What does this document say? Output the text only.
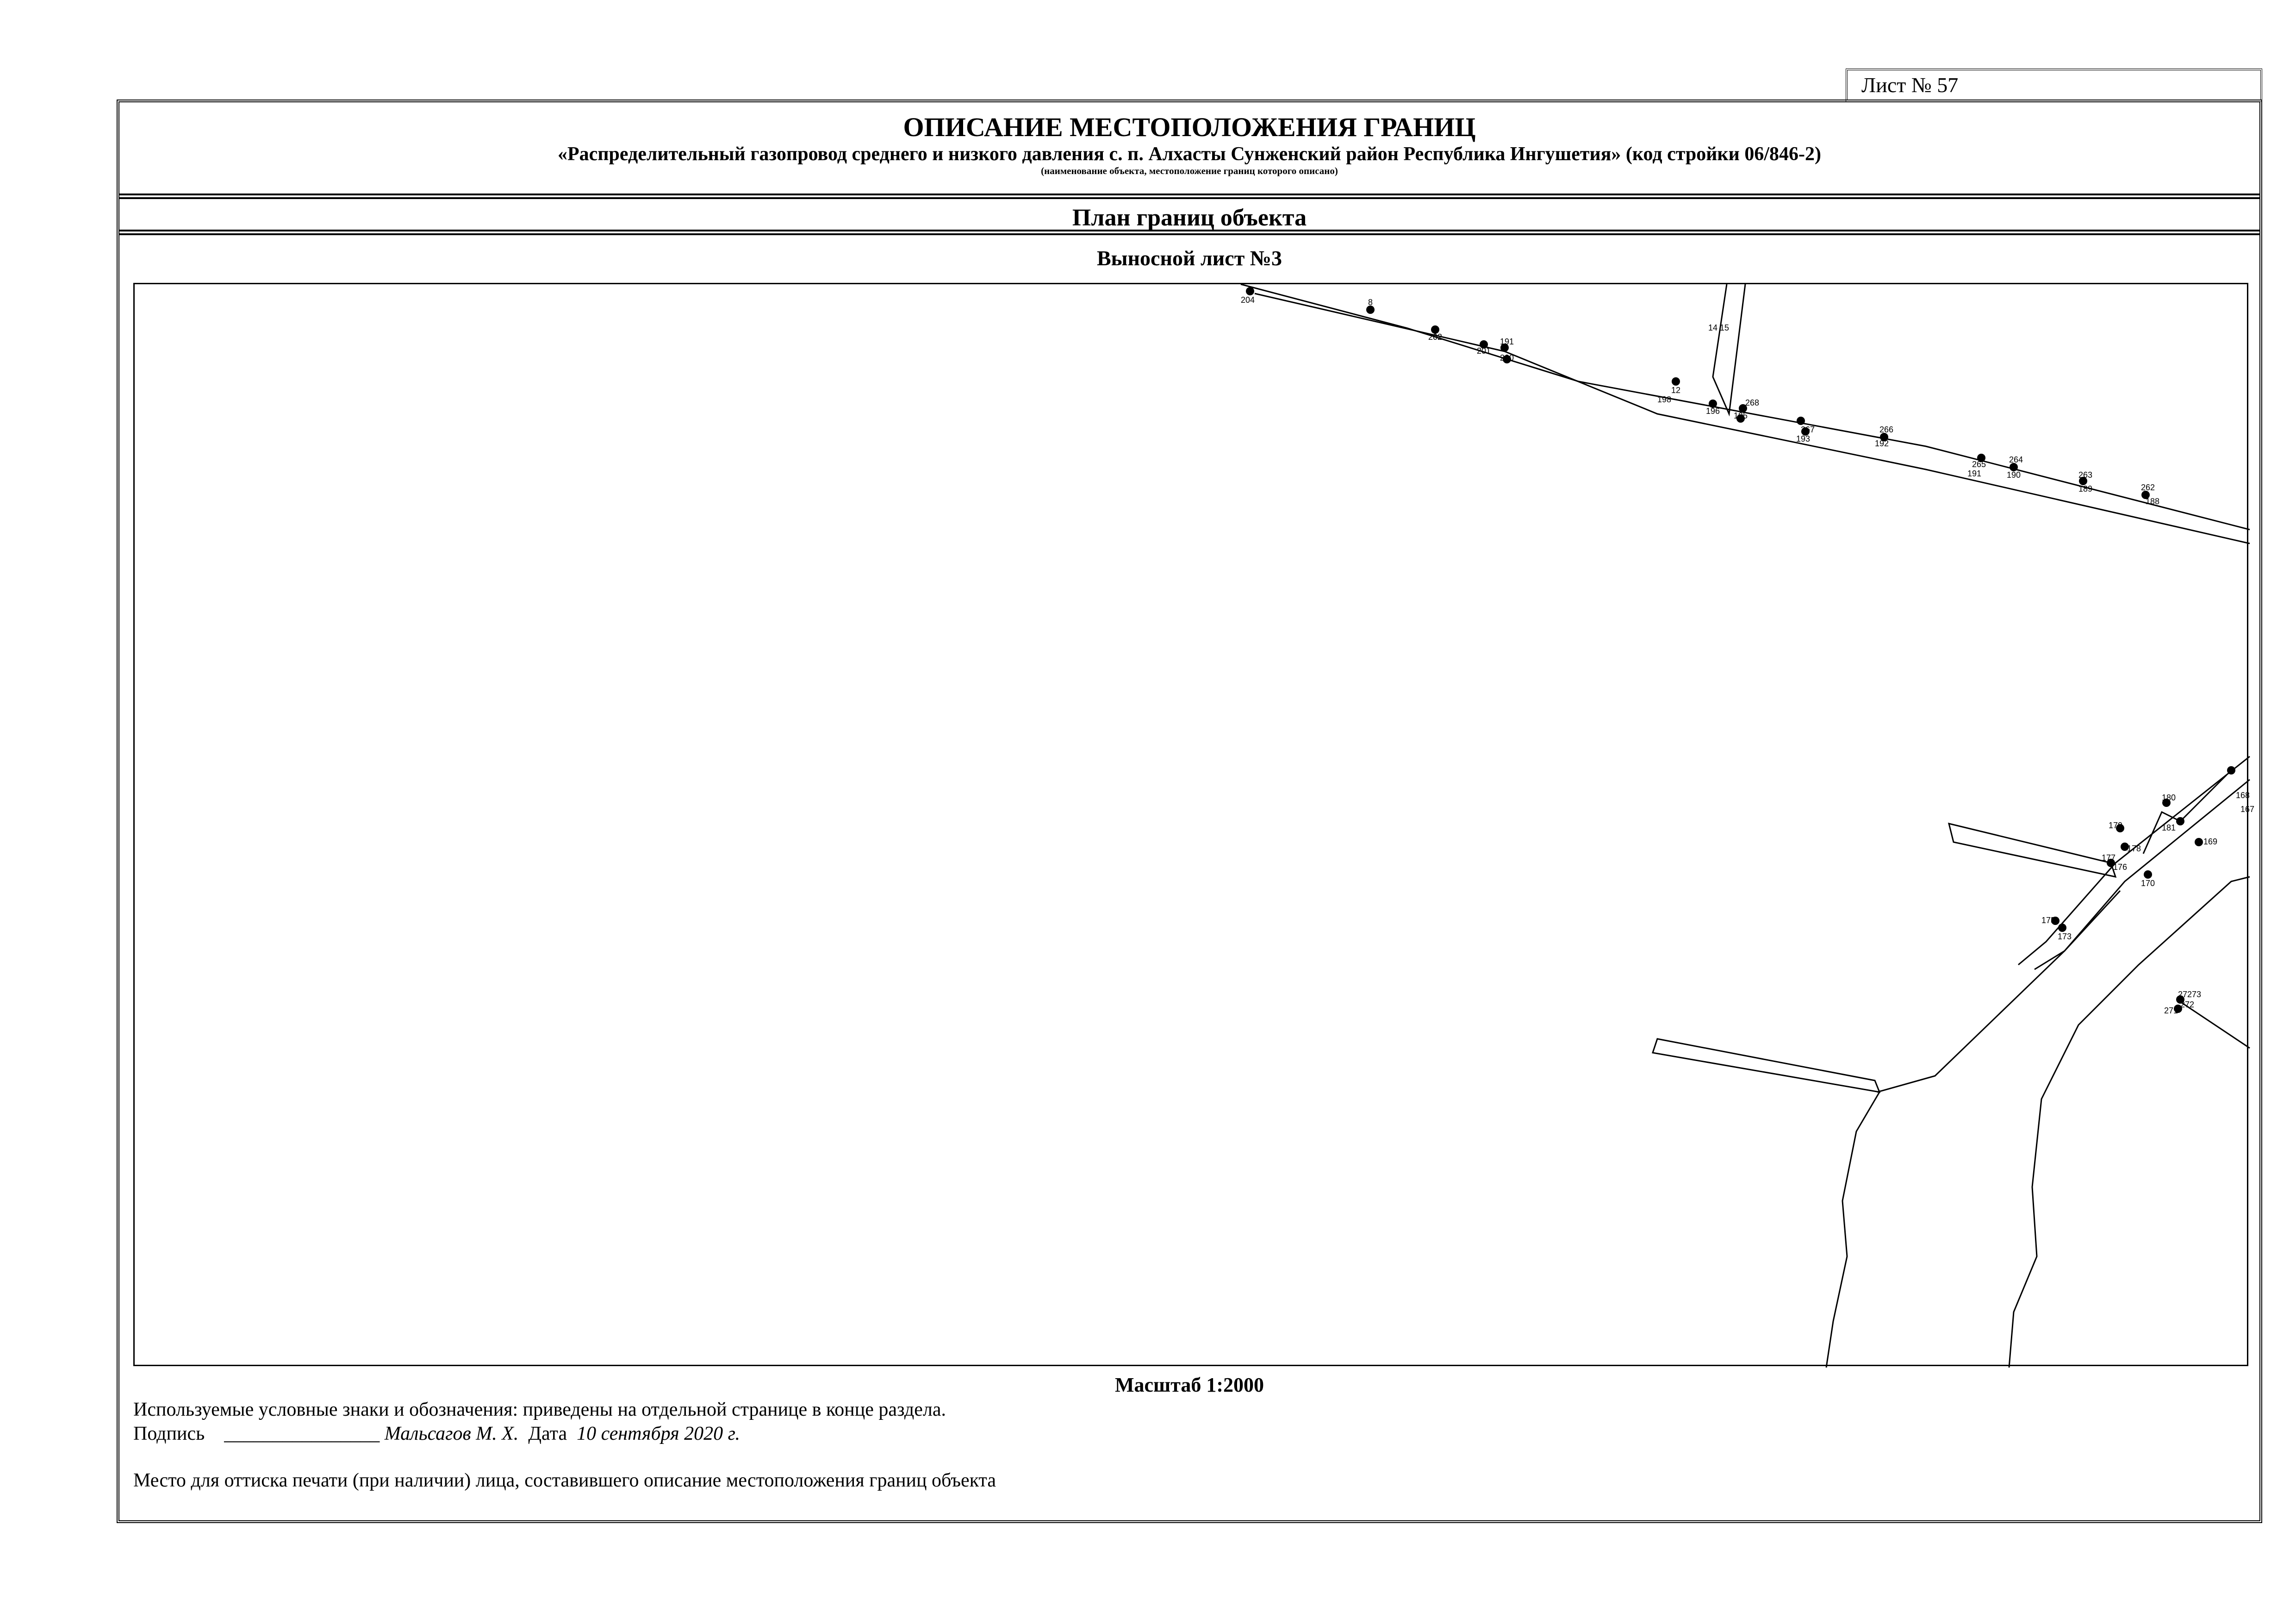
Лист № 57
ОПИСАНИЕ МЕСТОПОЛОЖЕНИЯ ГРАНИЦ
«Распределительный газопровод среднего и низкого давления с. п. Алхасты Сунженский район Республика Ингушетия» (код стройки 06/846-2)
(наименование объекта, местоположение границ которого описано)
План границ объекта
Выносной лист №3
204	8
202
201
191
200
12
198
14 15
196 195
268
267
193
266
192
265	264
191	190	263
189	262
188
180	168
167
179	181
169
178
177
176
170
175
173
27273
272
271
Масштаб 1:2000
Используемые условные знаки и обозначения: приведены на отдельной странице в конце раздела.
Подпись ________________ Мальсагов М. Х. Дата 10 сентября 2020 г.
Место для оттиска печати (при наличии) лица, составившего описание местоположения границ объекта
